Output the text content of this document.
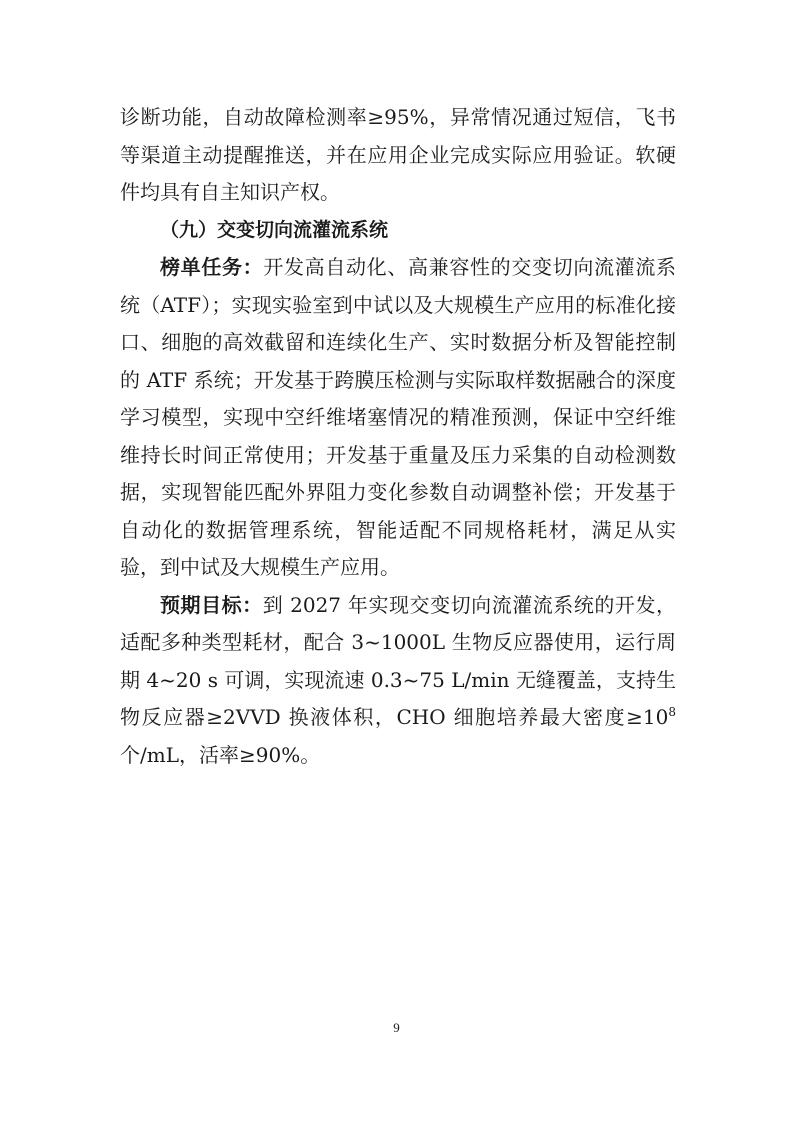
诊断功能，自动故障检测率≥95%，异常情况通过短信，飞书等渠道主动提醒推送，并在应用企业完成实际应用验证。软硬件均具有自主知识产权。

（九）交变切向流灌流系统

榜单任务：开发高自动化、高兼容性的交变切向流灌流系统（ATF）；实现实验室到中试以及大规模生产应用的标准化接口、细胞的高效截留和连续化生产、实时数据分析及智能控制的 ATF 系统；开发基于跨膜压检测与实际取样数据融合的深度学习模型，实现中空纤维堵塞情况的精准预测，保证中空纤维维持长时间正常使用；开发基于重量及压力采集的自动检测数据，实现智能匹配外界阻力变化参数自动调整补偿；开发基于自动化的数据管理系统，智能适配不同规格耗材，满足从实验，到中试及大规模生产应用。

预期目标：到 2027 年实现交变切向流灌流系统的开发，适配多种类型耗材，配合 3~1000L 生物反应器使用，运行周期 4~20 s 可调，实现流速 0.3~75 L/min 无缝覆盖，支持生物反应器≥2VVD 换液体积，CHO 细胞培养最大密度$\ge 10^8$个/mL，活率≥90%。

9
